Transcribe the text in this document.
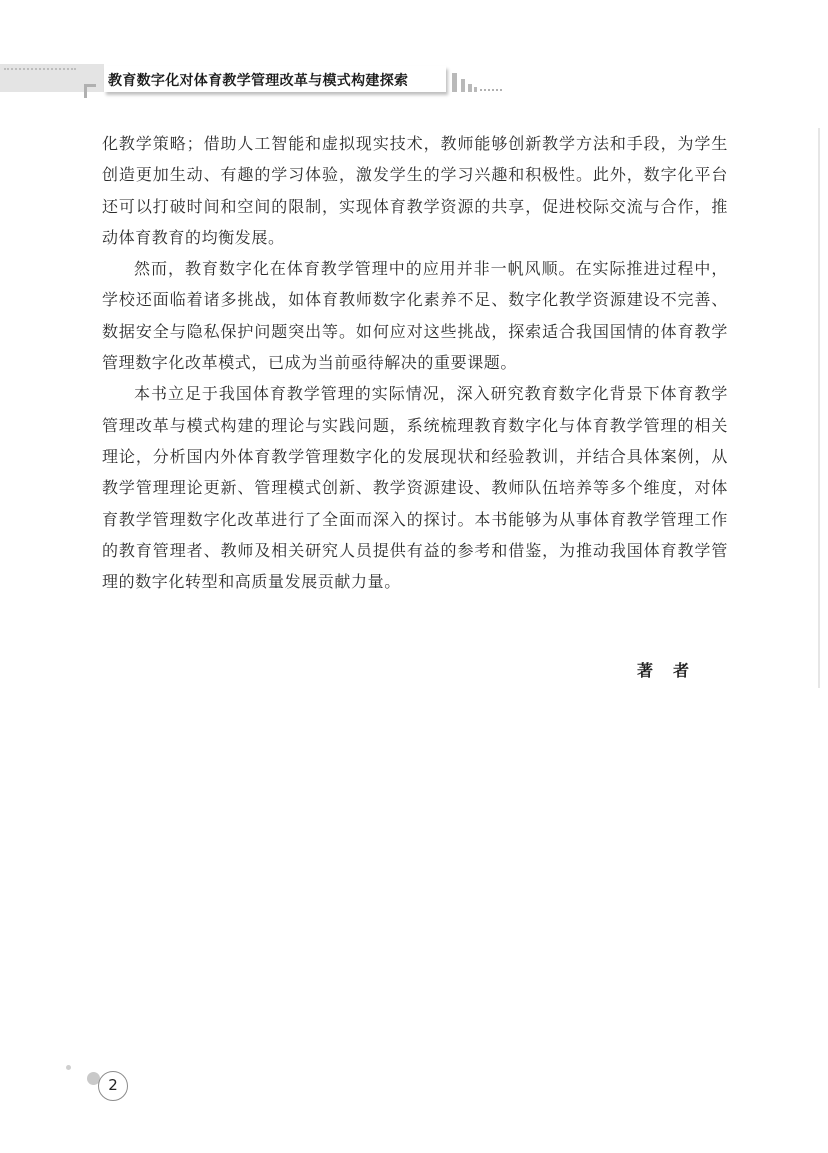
教育数字化对体育教学管理改革与模式构建探索

化教学策略；借助人工智能和虚拟现实技术，教师能够创新教学方法和手段，为学生创造更加生动、有趣的学习体验，激发学生的学习兴趣和积极性。此外，数字化平台还可以打破时间和空间的限制，实现体育教学资源的共享，促进校际交流与合作，推动体育教育的均衡发展。

然而，教育数字化在体育教学管理中的应用并非一帆风顺。在实际推进过程中，学校还面临着诸多挑战，如体育教师数字化素养不足、数字化教学资源建设不完善、数据安全与隐私保护问题突出等。如何应对这些挑战，探索适合我国国情的体育教学管理数字化改革模式，已成为当前亟待解决的重要课题。

本书立足于我国体育教学管理的实际情况，深入研究教育数字化背景下体育教学管理改革与模式构建的理论与实践问题，系统梳理教育数字化与体育教学管理的相关理论，分析国内外体育教学管理数字化的发展现状和经验教训，并结合具体案例，从教学管理理论更新、管理模式创新、教学资源建设、教师队伍培养等多个维度，对体育教学管理数字化改革进行了全面而深入的探讨。本书能够为从事体育教学管理工作的教育管理者、教师及相关研究人员提供有益的参考和借鉴，为推动我国体育教学管理的数字化转型和高质量发展贡献力量。

著者
2
